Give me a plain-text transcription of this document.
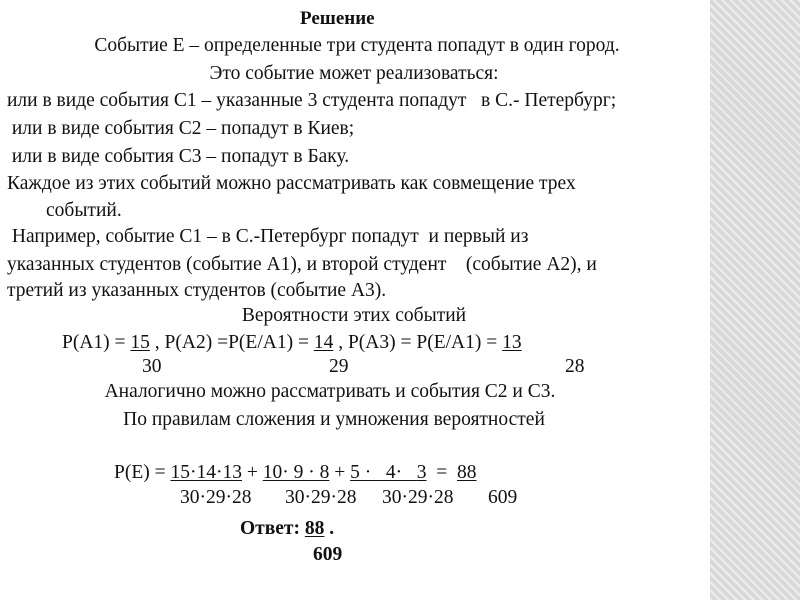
Решение
Событие Е – определенные три студента попадут в один город.
Это событие может реализоваться:
или в виде события С1 – указанные 3 студента попадут   в С.- Петербург;
или в виде события С2 – попадут в Киев;
или в виде события С3 – попадут в Баку.
Каждое из этих событий можно рассматривать как совмещение трех
событий.
Например, событие С1 – в С.-Петербург попадут  и первый из
указанных студентов (событие А1), и второй студент    (событие А2), и
третий из указанных студентов (событие А3).
Вероятности этих событий
Р(А1) = 15 , Р(А2) =Р(Е/А1) = 14 , Р(А3) = Р(Е/А1) = 13
30	29	28
Аналогично можно рассматривать и события С2 и С3.
По правилам сложения и умножения вероятностей
Р(Е) = 15·14·13 + 10· 9 · 8 + 5 ·   4·   3  =  88
30·29·28 30·29·28 30·29·28 609
Ответ: 88 .
609
